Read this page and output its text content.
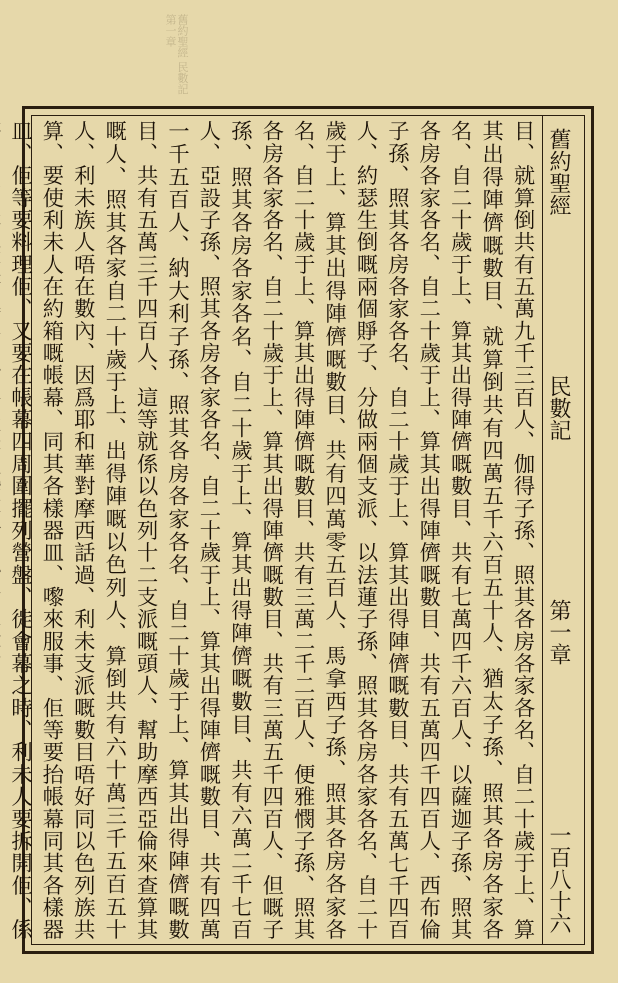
舊約聖經 民數記 第一章
舊約聖經
民數記
第一章
一百八十六
目、就算倒共有五萬九千三百人、伽得子孫、照其各房各家各名、自二十歲于上、算其出得陣儕嘅數目、就算倒共有四萬五千六百五十人、猶太子孫、照其各房各家各名、自二十歲于上、算其出得陣儕嘅數目、共有七萬四千六百人、以薩迦子孫、照其各房各家各名、自二十歲于上、算其出得陣儕嘅數目、共有五萬四千四百人、西布倫子孫、照其各房各家各名、自二十歲于上、算其出得陣儕嘅數目、共有五萬七千四百人、約瑟生倒嘅兩個𧶄子、分做兩個支派、以法蓮子孫、照其各房各家各名、自二十歲于上、算其出得陣儕嘅數目、共有四萬零五百人、馬拿西子孫、照其各房各家各名、自二十歲于上、算其出得陣儕嘅數目、共有三萬二千二百人、便雅憫子孫、照其各房各家各名、自二十歲于上、算其出得陣儕嘅數目、共有三萬五千四百人、但嘅子孫、照其各房各家各名、自二十歲于上、算其出得陣儕嘅數目、共有六萬二千七百人、亞設子孫、照其各房各家各名、自二十歲于上、算其出得陣儕嘅數目、共有四萬一千五百人、納大利子孫、照其各房各家各名、自二十歲于上、算其出得陣儕嘅數目、共有五萬三千四百人、這等就係以色列十二支派嘅頭人、幫助摩西亞倫來查算其嘅人、照其各家自二十歲于上、出得陣嘅以色列人、算倒共有六十萬三千五百五十人、利未族人唔在數內、因爲耶和華對摩西話過、利未支派嘅數目唔好同以色列族共算、要使利未人在約箱嘅帳幕、同其各樣器皿、嚟來服事、佢等要抬帳幕同其各樣器皿、佢等要料理佢、又要在帳幕四周圍擺列營盤、徙會幕之時、利未人要拆開佢、係
